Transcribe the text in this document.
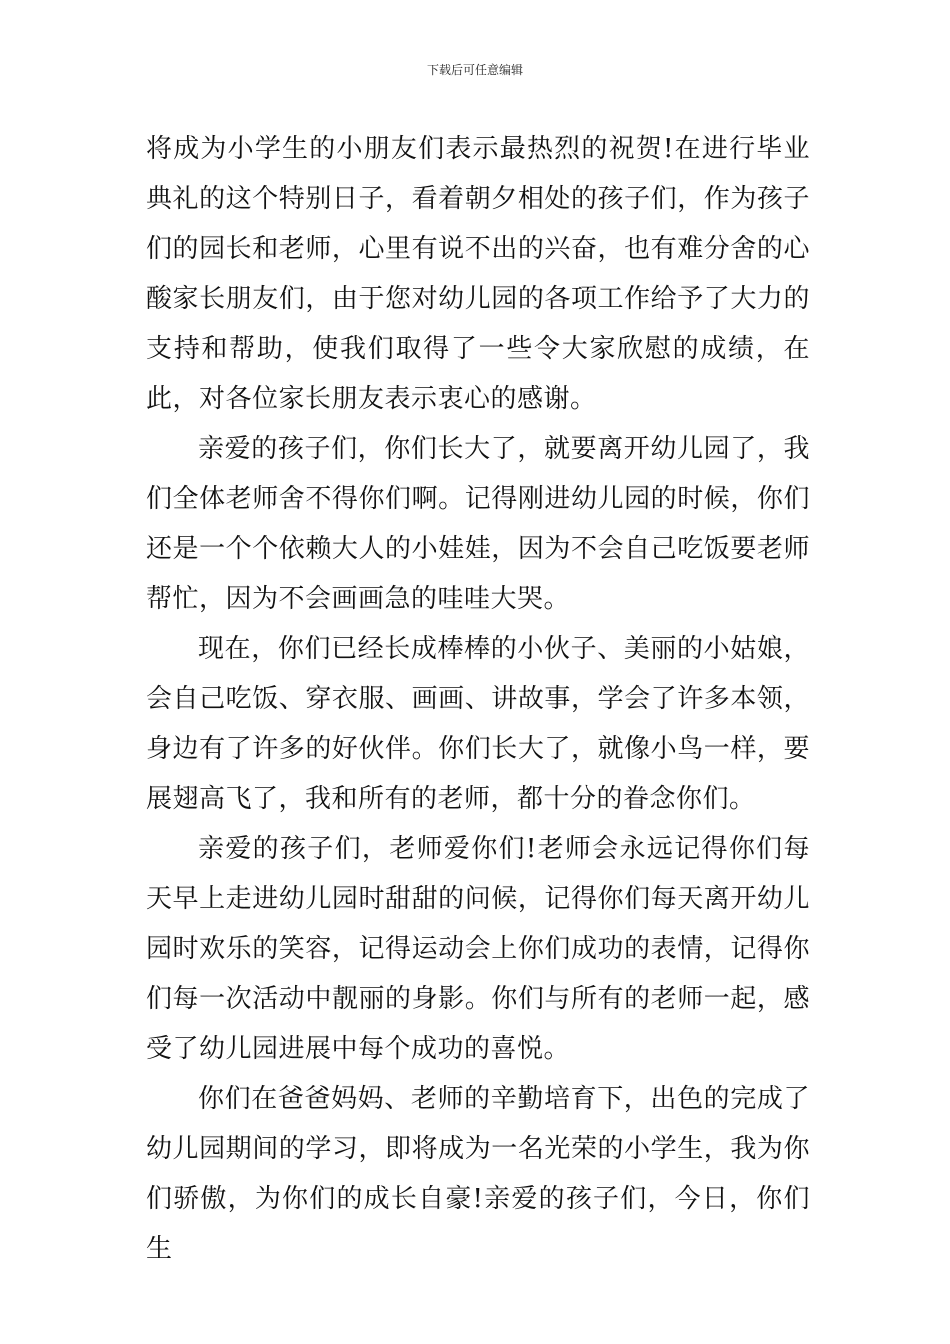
下载后可任意编辑

将成为小学生的小朋友们表示最热烈的祝贺!在进行毕业典礼的这个特别日子，看着朝夕相处的孩子们，作为孩子们的园长和老师，心里有说不出的兴奋，也有难分舍的心酸家长朋友们，由于您对幼儿园的各项工作给予了大力的支持和帮助，使我们取得了一些令大家欣慰的成绩，在此，对各位家长朋友表示衷心的感谢。

亲爱的孩子们，你们长大了，就要离开幼儿园了，我们全体老师舍不得你们啊。记得刚进幼儿园的时候，你们还是一个个依赖大人的小娃娃，因为不会自己吃饭要老师帮忙，因为不会画画急的哇哇大哭。

现在，你们已经长成棒棒的小伙子、美丽的小姑娘，会自己吃饭、穿衣服、画画、讲故事，学会了许多本领，身边有了许多的好伙伴。你们长大了，就像小鸟一样，要展翅高飞了，我和所有的老师，都十分的眷念你们。

亲爱的孩子们，老师爱你们!老师会永远记得你们每天早上走进幼儿园时甜甜的问候，记得你们每天离开幼儿园时欢乐的笑容，记得运动会上你们成功的表情，记得你们每一次活动中靓丽的身影。你们与所有的老师一起，感受了幼儿园进展中每个成功的喜悦。

你们在爸爸妈妈、老师的辛勤培育下，出色的完成了幼儿园期间的学习，即将成为一名光荣的小学生，我为你们骄傲，为你们的成长自豪!亲爱的孩子们，今日，你们生
